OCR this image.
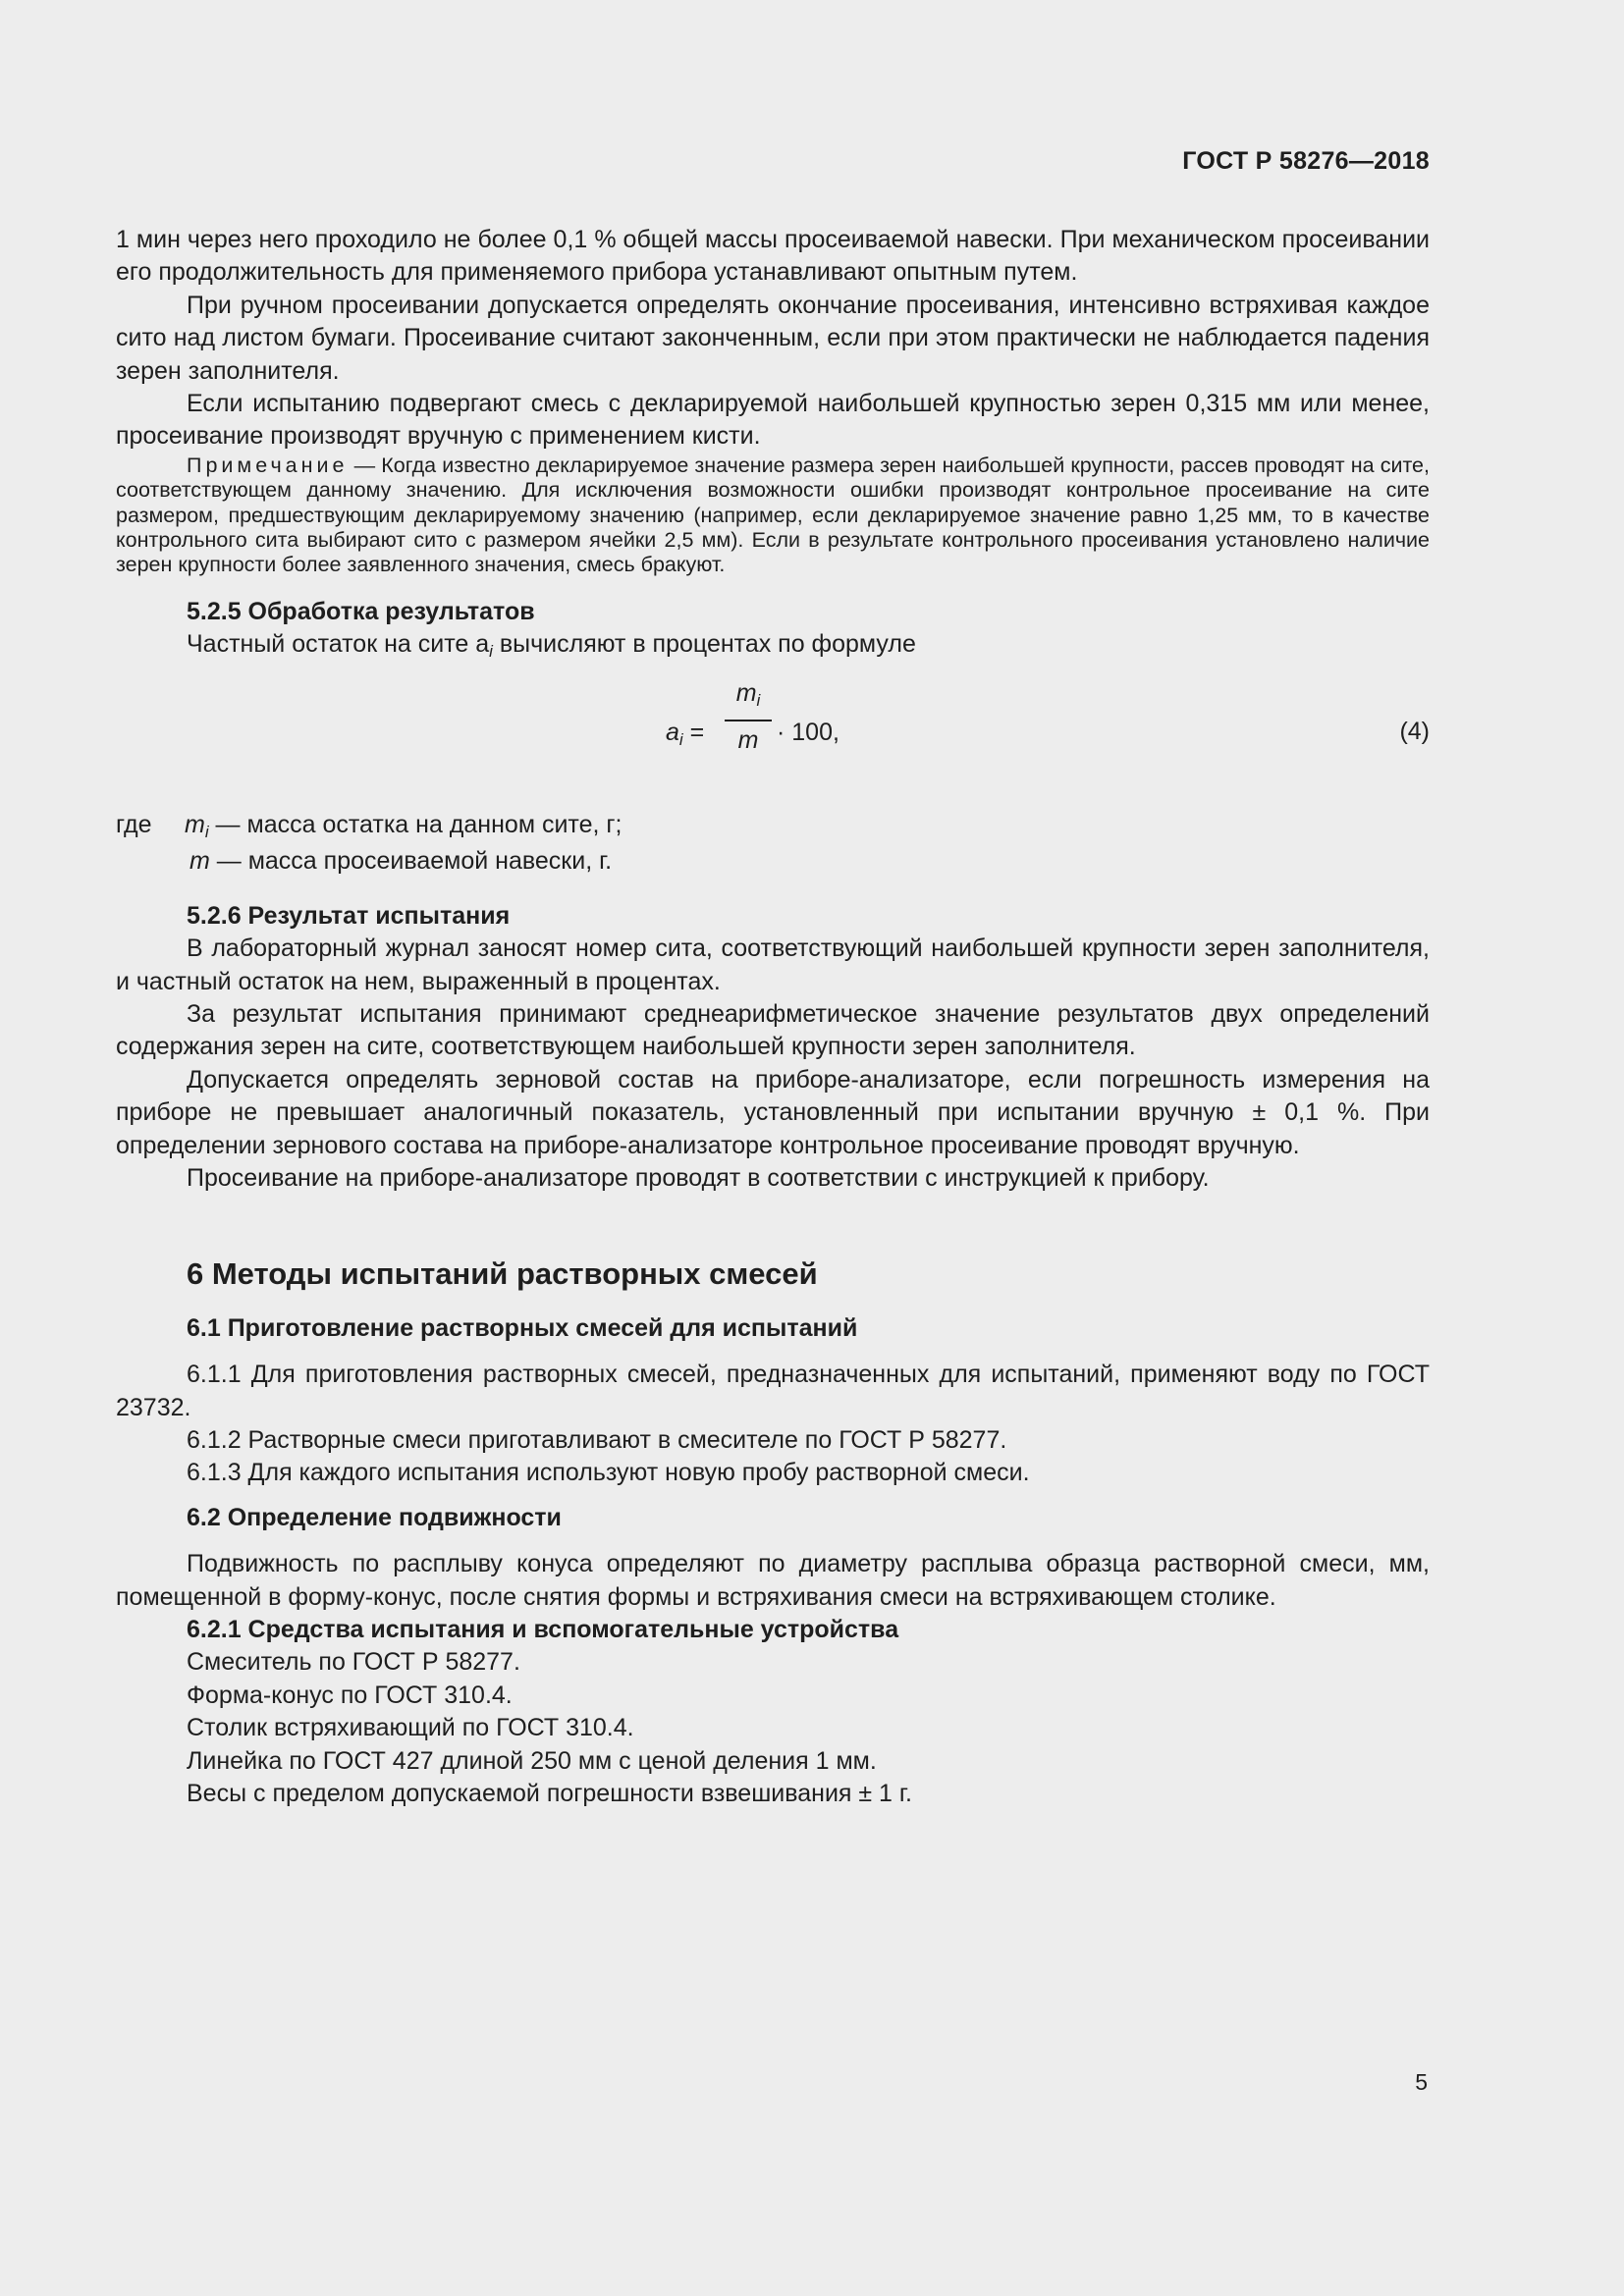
ГОСТ Р 58276—2018

1 мин через него проходило не более 0,1 % общей массы просеиваемой навески. При механическом просеивании его продолжительность для применяемого прибора устанавливают опытным путем.

При ручном просеивании допускается определять окончание просеивания, интенсивно встряхивая каждое сито над листом бумаги. Просеивание считают законченным, если при этом практически не наблюдается падения зерен заполнителя.

Если испытанию подвергают смесь с декларируемой наибольшей крупностью зерен 0,315 мм или менее, просеивание производят вручную с применением кисти.

Примечание — Когда известно декларируемое значение размера зерен наибольшей крупности, рассев проводят на сите, соответствующем данному значению. Для исключения возможности ошибки производят контрольное просеивание на сите размером, предшествующим декларируемому значению (например, если декларируемое значение равно 1,25 мм, то в качестве контрольного сита выбирают сито с размером ячейки 2,5 мм). Если в результате контрольного просеивания установлено наличие зерен крупности более заявленного значения, смесь бракуют.

5.2.5 Обработка результатов
Частный остаток на сите $a_i$ вычисляют в процентах по формуле
$a_i$ =
$m_i$
m · 100,	(4)
где $m_i$ — масса остатка на данном сите, г;
m — масса просеиваемой навески, г.
5.2.6 Результат испытания

В лабораторный журнал заносят номер сита, соответствующий наибольшей крупности зерен заполнителя, и частный остаток на нем, выраженный в процентах.

За результат испытания принимают среднеарифметическое значение результатов двух определений содержания зерен на сите, соответствующем наибольшей крупности зерен заполнителя.

Допускается определять зерновой состав на приборе-анализаторе, если погрешность измерения на приборе не превышает аналогичный показатель, установленный при испытании вручную ± 0,1 %. При определении зернового состава на приборе-анализаторе контрольное просеивание проводят вручную.

Просеивание на приборе-анализаторе проводят в соответствии с инструкцией к прибору.

6 Методы испытаний растворных смесей
6.1 Приготовление растворных смесей для испытаний

6.1.1 Для приготовления растворных смесей, предназначенных для испытаний, применяют воду по ГОСТ 23732.

6.1.2 Растворные смеси приготавливают в смесителе по ГОСТ Р 58277.

6.1.3 Для каждого испытания используют новую пробу растворной смеси.

6.2 Определение подвижности

Подвижность по расплыву конуса определяют по диаметру расплыва образца растворной смеси, мм, помещенной в форму-конус, после снятия формы и встряхивания смеси на встряхивающем столике.

6.2.1 Средства испытания и вспомогательные устройства
Смеситель по ГОСТ Р 58277.
Форма-конус по ГОСТ 310.4.
Столик встряхивающий по ГОСТ 310.4.
Линейка по ГОСТ 427 длиной 250 мм с ценой деления 1 мм.
Весы с пределом допускаемой погрешности взвешивания ± 1 г.
5
